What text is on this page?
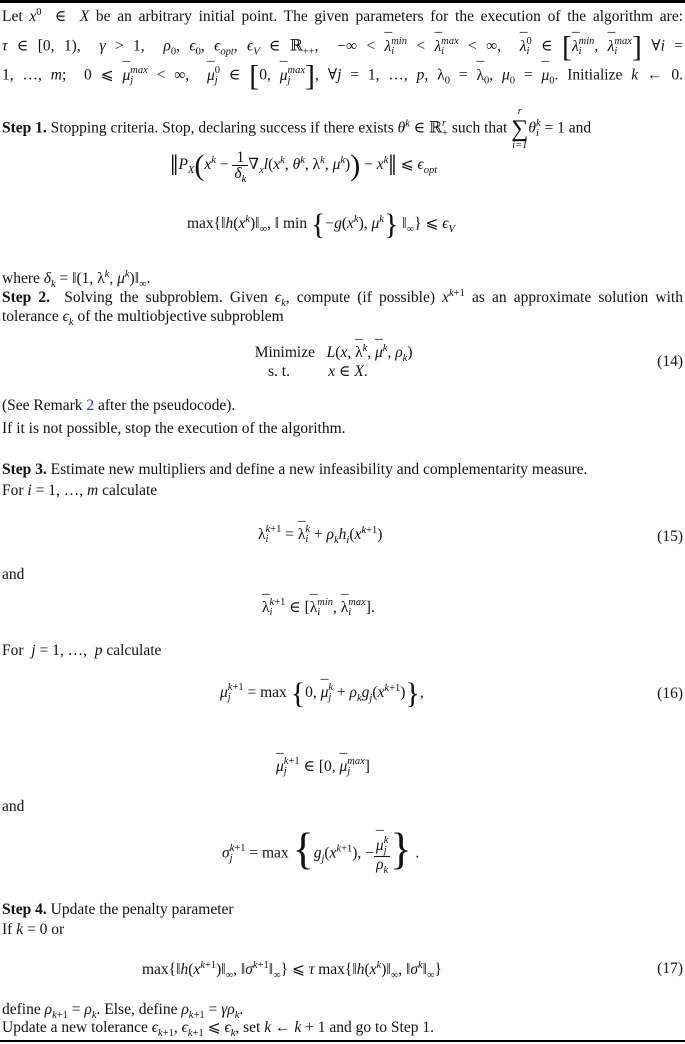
Let $x^0$  ∈  X be an arbitrary initial point. The given parameters for the execution of the algorithm are:
τ ∈ [0, 1),  γ > 1,  $\rho_0$, $\epsilon_0$, $\epsilon_{opt}$, $\epsilon_V$ ∈ ℝ$_{++}$,  −∞ < ¯ λ min
i < ¯ λ max
i < ∞,  ¯ λ 0
i ∈ [¯ λ min
i , ¯ λ max
i ] ∀i =
1, …, m;  0 ⩽ ¯ μ max
j < ∞,  ¯ μ 0
j ∈ [0, ¯ μ max
j ], ∀j = 1, …, p, $\lambda_0$ = ¯ $\lambda_0$, $\mu_0$ = ¯ $\mu_0$. Initialize k ← 0.
Step 1. Stopping criteria. Stop, declaring success if there exists $\theta^k$ ∈ ℝ r
+ such that
r
∑
i=1
θ k
i = 1 and
$‖P_X(x^k - \frac{1}{\delta_k} \nabla_xl(x^k$, $\theta^k$, $\lambda^k$, $\mu^k$)) − $x^k‖$ ⩽ $\epsilon_{opt}$
$\max\{‖h(x^k)‖_\infty$, ‖ $\min \{-g(x^k)$, $\mu^k$} $‖_\infty$} ⩽ $\epsilon_V$
where $\delta_k$ = ‖(1, $\lambda^k$, $\mu^k)‖_\infty$.
Step 2.  Solving the subproblem. Given $\epsilon_k$, compute (if possible) $x^{k+1}$ as an approximate solution with
tolerance $\epsilon_k$ of the multiobjective subproblem
Minimize L(x, ¯ $\lambda^k$, ¯ $\mu^k$, $\rho_k$)
s. t. x ∈ X.
(14)
(See Remark 2 after the pseudocode).
If it is not possible, stop the execution of the algorithm.
Step 3. Estimate new multipliers and define a new infeasibility and complementarity measure.
For i = 1, …, m calculate
λ k+1
i = ¯ λ k
$i + \rho_kh_i(x^{k+1})$	(15)
and
¯ λ k+1
i ∈ [¯ λ min
i , ¯ λ max
i ].
For  j = 1, …,  p calculate
μ k+1
j = max {0, ¯ μ k
$j + \rho_kg_j(x^{k+1})$},	(16)
¯ μ k+1
j ∈ [0, ¯ μ max
j ]
and
σ k+1
$j = \max \{g_j(x^{k+1})$, − ¯ μ k
j
$\rho_k$ } .
Step 4. Update the penalty parameter
If k = 0 or
$\max\{‖h(x^{k+1})‖_\infty$, $‖\sigma^{k+1}‖_\infty$} ⩽ τ $\max\{‖h(x^k)‖_\infty$, $‖\sigma^k‖_\infty$}	(17)
define $\rho_{k+1} = \rho_k$. Else, define $\rho_{k+1} = \gamma\rho_k$.
Update a new tolerance $\epsilon_{k+1}$, $\epsilon_{k+1}$ ⩽ $\epsilon_k$, set k ← k + 1 and go to Step 1.
